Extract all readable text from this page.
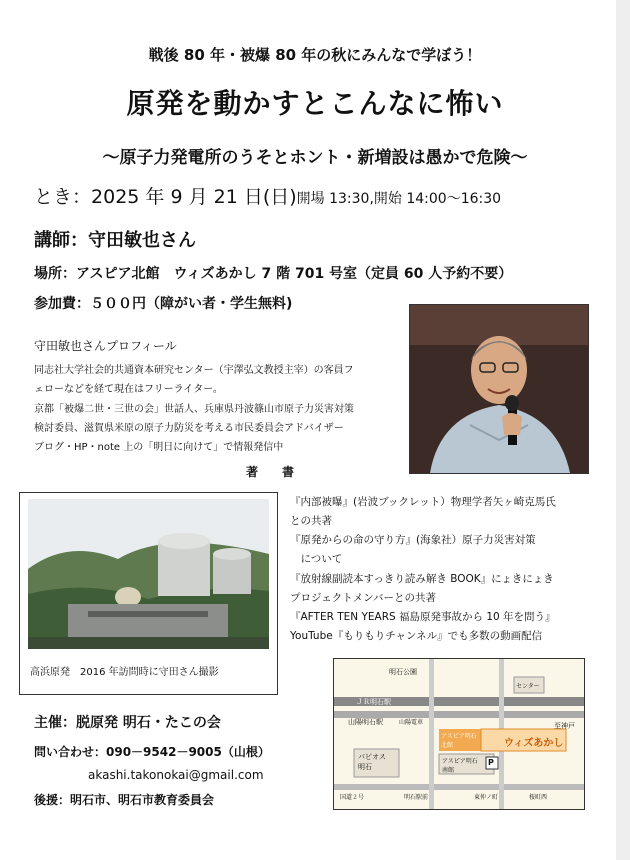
戦後 80 年・被爆 80 年の秋にみんなで学ぼう！
原発を動かすとこんなに怖い
～原子力発電所のうそとホント・新増設は愚かで危険～
とき：2025 年 9 月 21 日(日)開場 13:30,開始 14:00～16:30
講師：守田敏也さん
場所：アスピア北館　ウィズあかし 7 階 701 号室（定員 60 人予約不要）
参加費：５００円（障がい者・学生無料)
守田敏也さんプロフィール
同志社大学社会的共通資本研究センター（宇澤弘文教授主宰）の客員フ
ェローなどを経て現在はフリーライター。
京都「被爆二世・三世の会」世話人、兵庫県丹波篠山市原子力災害対策
検討委員、滋賀県米原の原子力防災を考える市民委員会アドバイザー
ブログ・HP・note 上の「明日に向けて」で情報発信中
著　書
『内部被曝』(岩波ブックレット）物理学者矢ヶ崎克馬氏
との共著
『原発からの命の守り方』(海象社）原子力災害対策
　について
『放射線副読本すっきり読み解き BOOK』にょきにょき
プロジェクトメンバーとの共著
『AFTER TEN YEARS 福島原発事故から 10 年を問う』
YouTube『もりもりチャンネル』でも多数の動画配信
高浜原発　2016 年訪問時に守田さん撮影	明石公園
ＪＲ明石駅
山陽明石駅	山陽電車	至神戸
センター
P
アスピア明石
北館	ウィズあかし
アスピア明石
南館
パピオス
明石
国道２号	明石駅前	東仲ノ町	桜町西
主催：脱原発 明石・たこの会
問い合わせ：090－9542－9005（山根）
akashi.takonokai@gmail.com
後援：明石市、明石市教育委員会
